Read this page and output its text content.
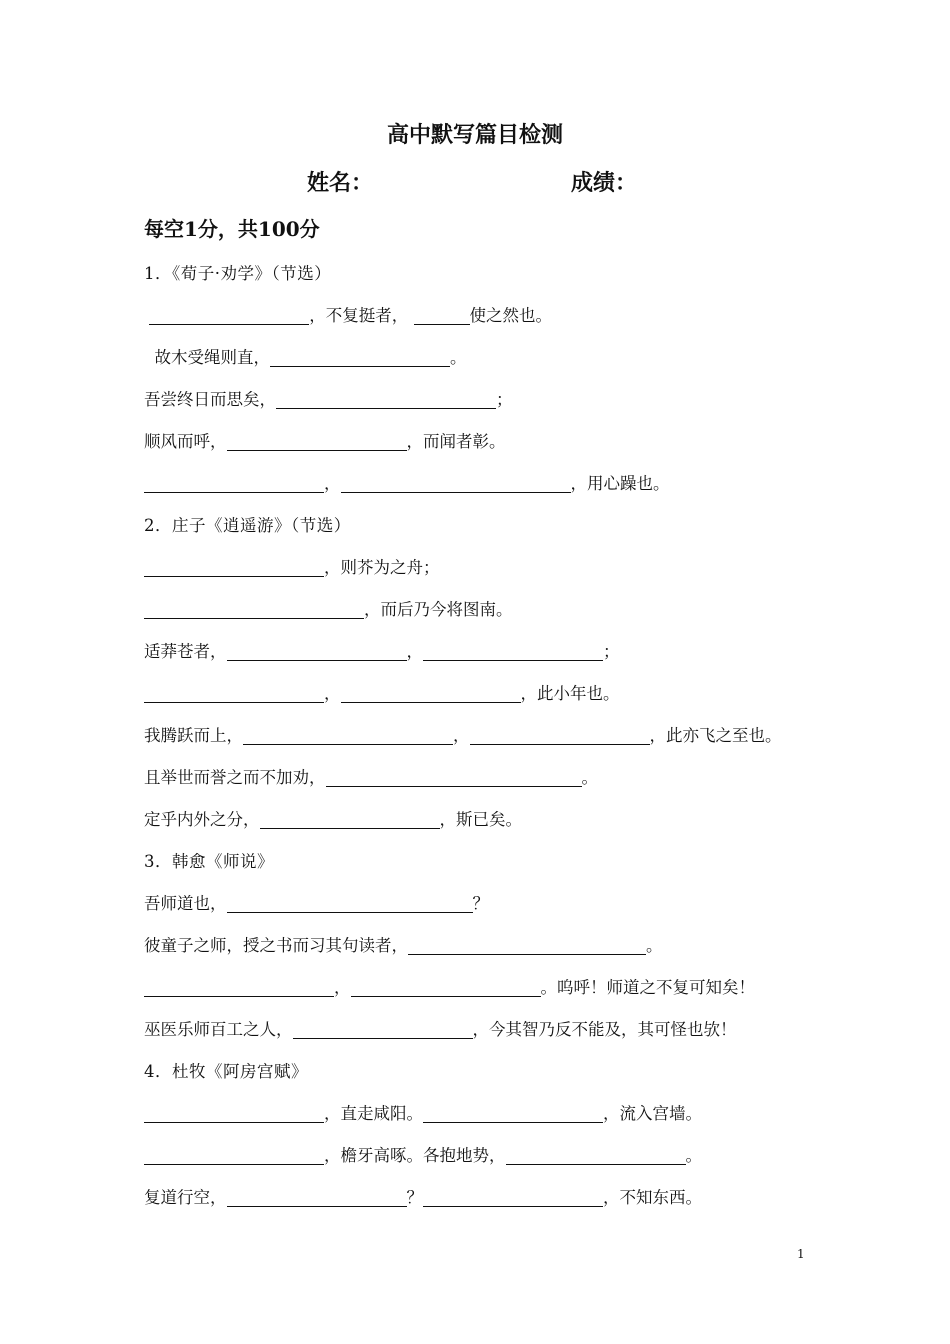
高中默写篇目检测
姓名：	成绩：
每空1分，共100分
1．《荀子·劝学》（节选）
，不复挺者，	使之然也。
故木受绳则直，	。
吾尝终日而思矣，	；
顺风而呼，	，而闻者彰。
，	，用心躁也。
2．庄子《逍遥游》（节选）
，则芥为之舟；
，而后乃今将图南。
适莽苍者，	，	；
，	，此小年也。
我腾跃而上，	，	，此亦飞之至也。
且举世而誉之而不加劝，	。
定乎内外之分，	，斯已矣。
3．韩愈《师说》
吾师道也，	？
彼童子之师，授之书而习其句读者，	。
，	。呜呼！师道之不复可知矣！
巫医乐师百工之人，	，今其智乃反不能及，其可怪也欤！
4．杜牧《阿房宫赋》
，直走咸阳。	，流入宫墙。
，檐牙高啄。各抱地势，	。
复道行空，	？	，不知东西。
1
